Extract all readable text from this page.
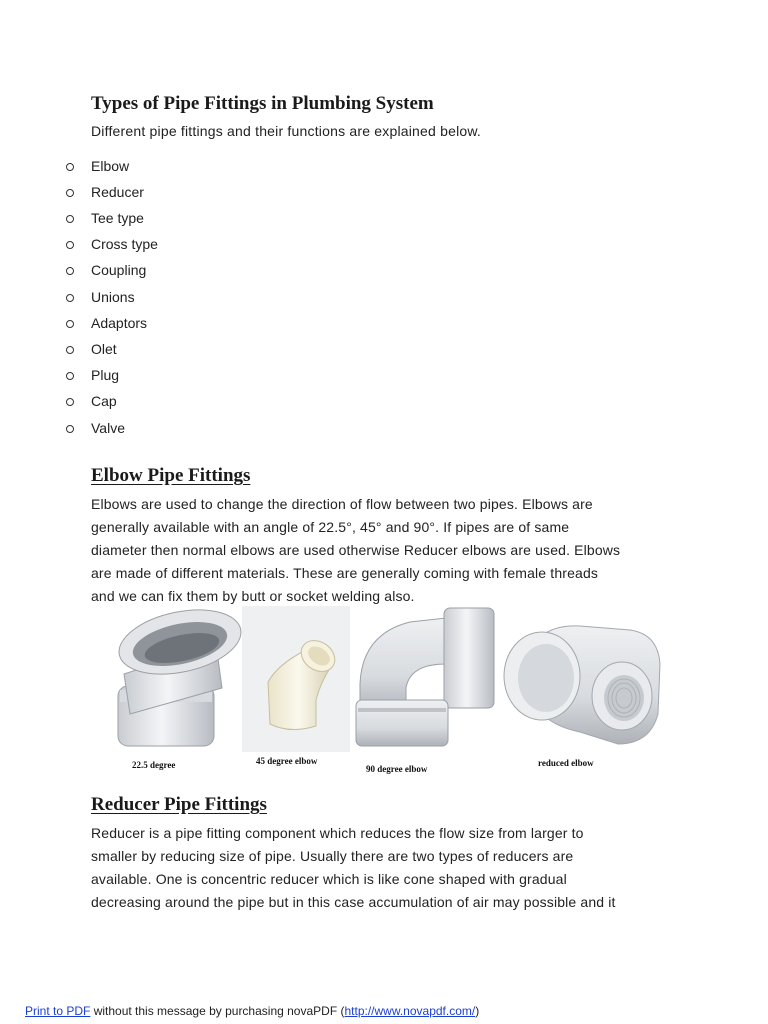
Types of Pipe Fittings in Plumbing System
Different pipe fittings and their functions are explained below.
Elbow
Reducer
Tee type
Cross type
Coupling
Unions
Adaptors
Olet
Plug
Cap
Valve
Elbow Pipe Fittings

Elbows are used to change the direction of flow between two pipes. Elbows are
generally available with an angle of 22.5°, 45° and 90°. If pipes are of same
diameter then normal elbows are used otherwise Reducer elbows are used. Elbows
are made of different materials. These are generally coming with female threads
and we can fix them by butt or socket welding also.

22.5 degree	45 degree elbow
90 degree elbow
reduced elbow
Reducer Pipe Fittings

Reducer is a pipe fitting component which reduces the flow size from larger to
smaller by reducing size of pipe. Usually there are two types of reducers are
available. One is concentric reducer which is like cone shaped with gradual
decreasing around the pipe but in this case accumulation of air may possible and it

Print to PDF without this message by purchasing novaPDF (http://www.novapdf.com/)
